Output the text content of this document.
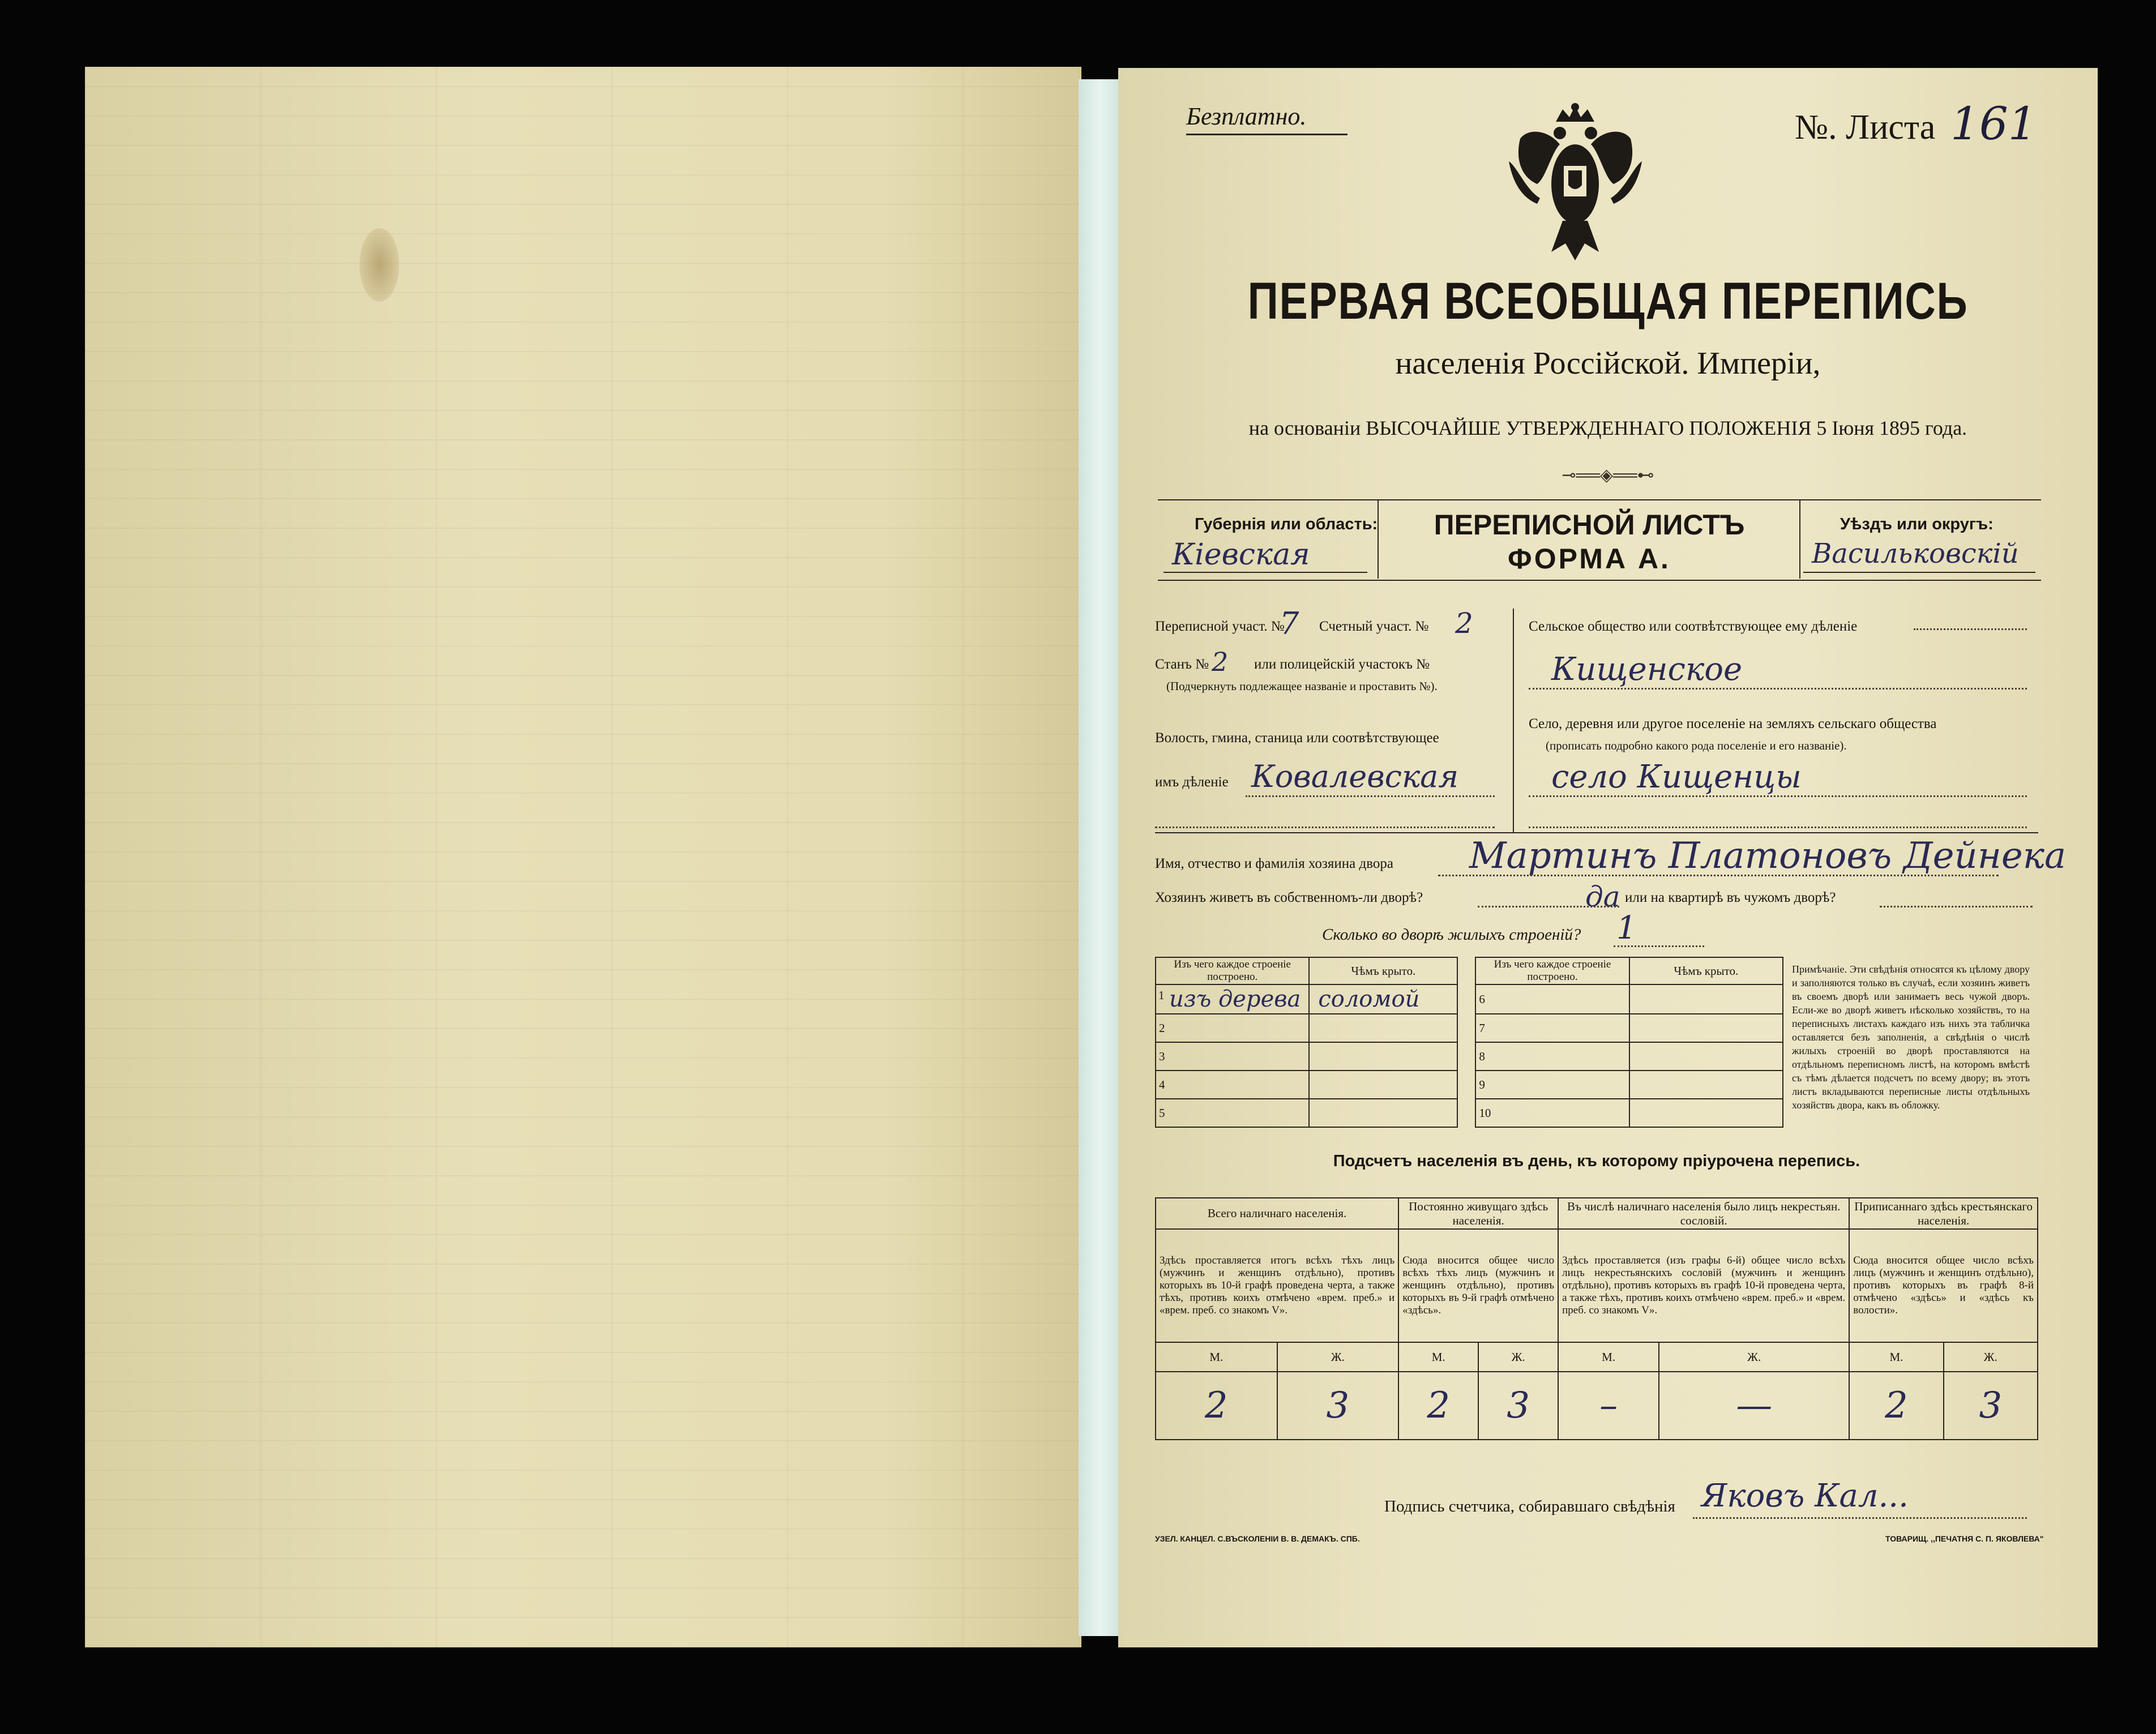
Безплатно.	№. Листа 161
ПЕРВАЯ ВСЕОБЩАЯ ПЕРЕПИСЬ
населенія Россійской. Имперіи,
на основаніи ВЫСОЧАЙШЕ УТВЕРЖДЕННАГО ПОЛОЖЕНІЯ 5 Іюня 1895 года.
⊸══◈══⊷
Губернія или область:
Кіевская
ПЕРЕПИСНОЙ ЛИСТЪ
ФОРМА А.
Уѣздъ или округъ:
Васильковскій
Переписной участ. №
7 Счетный участ. № 2
Станъ № 2 или полицейскій участокъ №
(Подчеркнуть подлежащее названіе и проставить №).
Волость, гмина, станица или соотвѣтствующее
имъ дѣленіе Ковалевская
Сельское общество или соотвѣтствующее ему дѣленіе
Кищенское
Село, деревня или другое поселеніе на земляхъ сельскаго общества
(прописать подробно какого рода поселеніе и его названіе).
село Кищенцы
Имя, отчество и фамилія хозяина двора Мартинъ Платоновъ Дейнека
Хозяинъ живетъ въ собственномъ-ли дворѣ?	да или на квартирѣ въ чужомъ дворѣ?
Сколько во дворѣ жилыхъ строеній? 1
Изъ чего каждое строеніе построено.	Чѣмъ крыто.		Изъ чего каждое строеніе построено.	Чѣмъ крыто.

1 изъ дерева	соломой		6	
2			7	
3			8	
4			9	
5			10	
Примѣчаніе. Эти свѣдѣнія относятся къ цѣлому двору и заполняются только въ случаѣ, если хозяинъ живетъ въ своемъ дворѣ или занимаетъ весь чужой дворъ. Если-же во дворѣ живетъ нѣсколько хозяйствъ, то на переписныхъ листахъ каждаго изъ нихъ эта табличка оставляется безъ заполненія, а свѣдѣнія о числѣ жилыхъ строеній во дворѣ проставляются на отдѣльномъ переписномъ листѣ, на которомъ вмѣстѣ съ тѣмъ дѣлается подсчетъ по всему двору; въ этотъ листъ вкладываются переписные листы отдѣльныхъ хозяйствъ двора, какъ въ обложку.
Подсчетъ населенія въ день, къ которому пріурочена перепись.
Всего наличнаго населенія.		Постоянно живущаго здѣсь населенія.		Въ числѣ наличнаго населенія было лицъ некрестьян. сословій.		Приписаннаго здѣсь крестьянскаго населенія.	
Здѣсь проставляется итогъ всѣхъ тѣхъ лицъ (мужчинъ и женщинъ отдѣльно), противъ которыхъ въ 10-й графѣ проведена черта, а также тѣхъ, противъ коихъ отмѣчено «врем. преб.» и «врем. преб. со знакомъ V».		Сюда вносится общее число всѣхъ тѣхъ лицъ (мужчинъ и женщинъ отдѣльно), противъ которыхъ въ 9-й графѣ отмѣчено «здѣсь».		Здѣсь проставляется (изъ графы 6-й) общее число всѣхъ лицъ некрестьянскихъ сословій (мужчинъ и женщинъ отдѣльно), противъ которыхъ въ графѣ 10-й проведена черта, а также тѣхъ, противъ коихъ отмѣчено «врем. преб.» и «врем. преб. со знакомъ V».		Сюда вносится общее число всѣхъ лицъ (мужчинъ и женщинъ отдѣльно), противъ которыхъ въ графѣ 8-й отмѣчено «здѣсь» и «здѣсь къ волости».	
М.	Ж.	М.	Ж.	М.	Ж.	М.	Ж.
2	3	2	3	–	—	2	3
Подпись счетчика, собиравшаго свѣдѣнія Яковъ Кал...
УЗЕЛ. КАНЦЕЛ. С.ВЪСКОЛЕНІИ В. В. ДЕМАКЪ. СПБ.	ТОВАРИЩ. ,,ПЕЧАТНЯ С. П. ЯКОВЛЕВА"
